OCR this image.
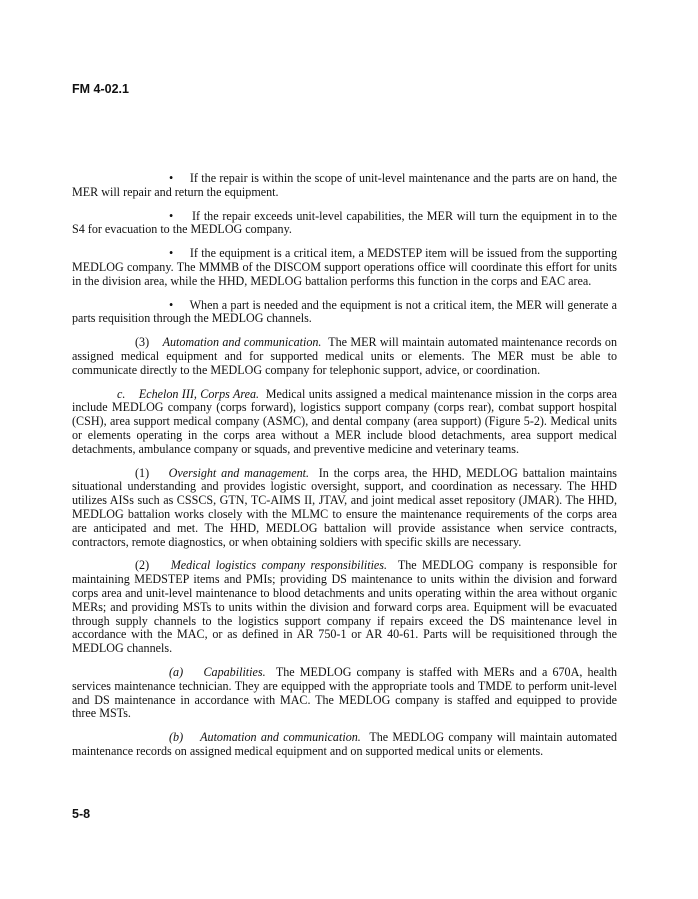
FM 4-02.1

• If the repair is within the scope of unit-level maintenance and the parts are on hand, the MER will repair and return the equipment.

• If the repair exceeds unit-level capabilities, the MER will turn the equipment in to the S4 for evacuation to the MEDLOG company.

• If the equipment is a critical item, a MEDSTEP item will be issued from the supporting MEDLOG company. The MMMB of the DISCOM support operations office will coordinate this effort for units in the division area, while the HHD, MEDLOG battalion performs this function in the corps and EAC area.

• When a part is needed and the equipment is not a critical item, the MER will generate a parts requisition through the MEDLOG channels.

(3) Automation and communication. The MER will maintain automated maintenance records on assigned medical equipment and for supported medical units or elements. The MER must be able to communicate directly to the MEDLOG company for telephonic support, advice, or coordination.

c. Echelon III, Corps Area. Medical units assigned a medical maintenance mission in the corps area include MEDLOG company (corps forward), logistics support company (corps rear), combat support hospital (CSH), area support medical company (ASMC), and dental company (area support) (Figure 5-2). Medical units or elements operating in the corps area without a MER include blood detachments, area support medical detachments, ambulance company or squads, and preventive medicine and veterinary teams.

(1) Oversight and management. In the corps area, the HHD, MEDLOG battalion maintains situational understanding and provides logistic oversight, support, and coordination as necessary. The HHD utilizes AISs such as CSSCS, GTN, TC-AIMS II, JTAV, and joint medical asset repository (JMAR). The HHD, MEDLOG battalion works closely with the MLMC to ensure the maintenance requirements of the corps area are anticipated and met. The HHD, MEDLOG battalion will provide assistance when service contracts, contractors, remote diagnostics, or when obtaining soldiers with specific skills are necessary.

(2) Medical logistics company responsibilities. The MEDLOG company is responsible for maintaining MEDSTEP items and PMIs; providing DS maintenance to units within the division and forward corps area and unit-level maintenance to blood detachments and units operating within the area without organic MERs; and providing MSTs to units within the division and forward corps area. Equipment will be evacuated through supply channels to the logistics support company if repairs exceed the DS maintenance level in accordance with the MAC, or as defined in AR 750-1 or AR 40-61. Parts will be requisitioned through the MEDLOG channels.

(a) Capabilities. The MEDLOG company is staffed with MERs and a 670A, health services maintenance technician. They are equipped with the appropriate tools and TMDE to perform unit-level and DS maintenance in accordance with MAC. The MEDLOG company is staffed and equipped to provide three MSTs.

(b) Automation and communication. The MEDLOG company will maintain automated maintenance records on assigned medical equipment and on supported medical units or elements.

5-8
